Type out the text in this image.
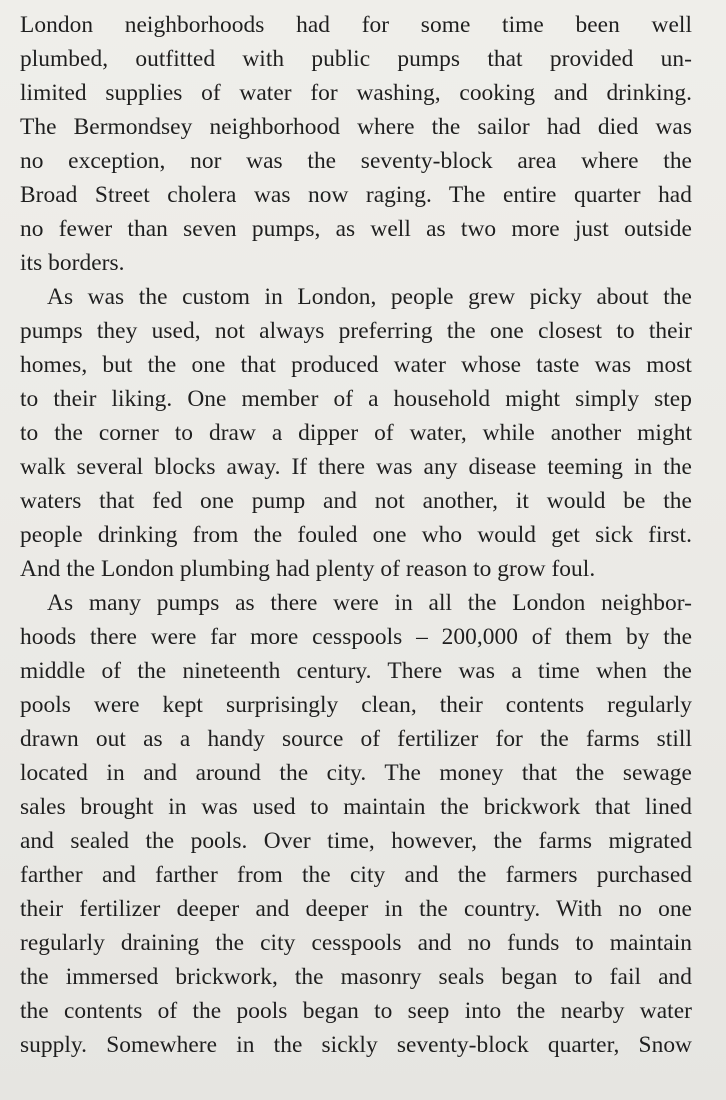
London neighborhoods had for some time been well
plumbed, outfitted with public pumps that provided un-
limited supplies of water for washing, cooking and drinking.
The Bermondsey neighborhood where the sailor had died was
no exception, nor was the seventy-block area where the
Broad Street cholera was now raging. The entire quarter had
no fewer than seven pumps, as well as two more just outside
its borders.
As was the custom in London, people grew picky about the
pumps they used, not always preferring the one closest to their
homes, but the one that produced water whose taste was most
to their liking. One member of a household might simply step
to the corner to draw a dipper of water, while another might
walk several blocks away. If there was any disease teeming in the
waters that fed one pump and not another, it would be the
people drinking from the fouled one who would get sick first.
And the London plumbing had plenty of reason to grow foul.
As many pumps as there were in all the London neighbor-
hoods there were far more cesspools – 200,000 of them by the
middle of the nineteenth century. There was a time when the
pools were kept surprisingly clean, their contents regularly
drawn out as a handy source of fertilizer for the farms still
located in and around the city. The money that the sewage
sales brought in was used to maintain the brickwork that lined
and sealed the pools. Over time, however, the farms migrated
farther and farther from the city and the farmers purchased
their fertilizer deeper and deeper in the country. With no one
regularly draining the city cesspools and no funds to maintain
the immersed brickwork, the masonry seals began to fail and
the contents of the pools began to seep into the nearby water
supply. Somewhere in the sickly seventy-block quarter, Snow
